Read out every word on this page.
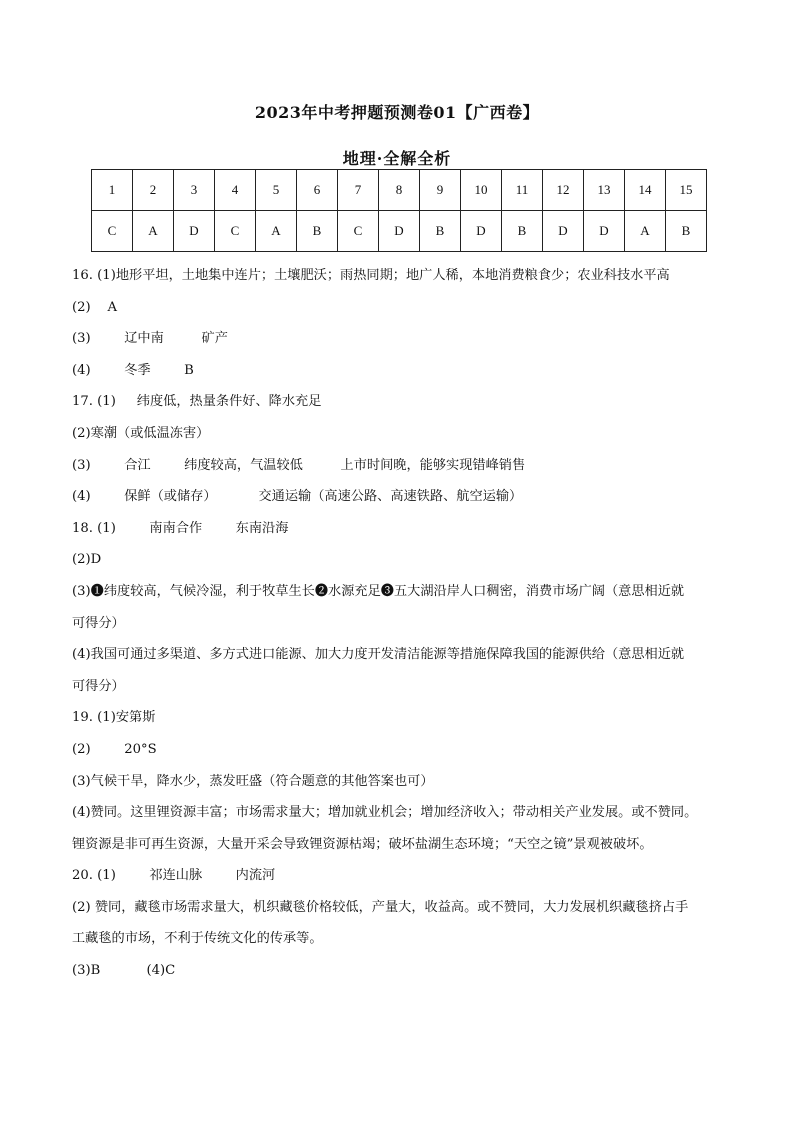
2023年中考押题预测卷01【广西卷】
地理·全解全析
1	2	3	4	5	6	7	8	9	10	11	12	13	14	15
C	A	D	C	A	B	C	D	B	D	B	D	D	A	B
16. (1)地形平坦，土地集中连片；土壤肥沃；雨热同期；地广人稀，本地消费粮食少；农业科技水平高
(2)    A
(3)        辽中南         矿产
(4)        冬季        B
17. (1)     纬度低，热量条件好、降水充足
(2)寒潮（或低温冻害）
(3)        合江        纬度较高，气温较低         上市时间晚，能够实现错峰销售
(4)        保鲜（或储存）          交通运输（高速公路、高速铁路、航空运输）
18. (1)        南南合作        东南沿海
(2)D
(3)❶纬度较高，气候冷湿，利于牧草生长❷水源充足❸五大湖沿岸人口稠密，消费市场广阔（意思相近就
可得分）
(4)我国可通过多渠道、多方式进口能源、加大力度开发清洁能源等措施保障我国的能源供给（意思相近就
可得分）
19. (1)安第斯
(2)        20°S
(3)气候干旱，降水少，蒸发旺盛（符合题意的其他答案也可）
(4)赞同。这里锂资源丰富；市场需求量大；增加就业机会；增加经济收入；带动相关产业发展。或不赞同。
锂资源是非可再生资源，大量开采会导致锂资源枯竭；破坏盐湖生态环境；“天空之镜”景观被破坏。
20. (1)        祁连山脉        内流河
(2) 赞同，藏毯市场需求量大，机织藏毯价格较低，产量大，收益高。或不赞同，大力发展机织藏毯挤占手
工藏毯的市场，不利于传统文化的传承等。
(3)B           (4)C
